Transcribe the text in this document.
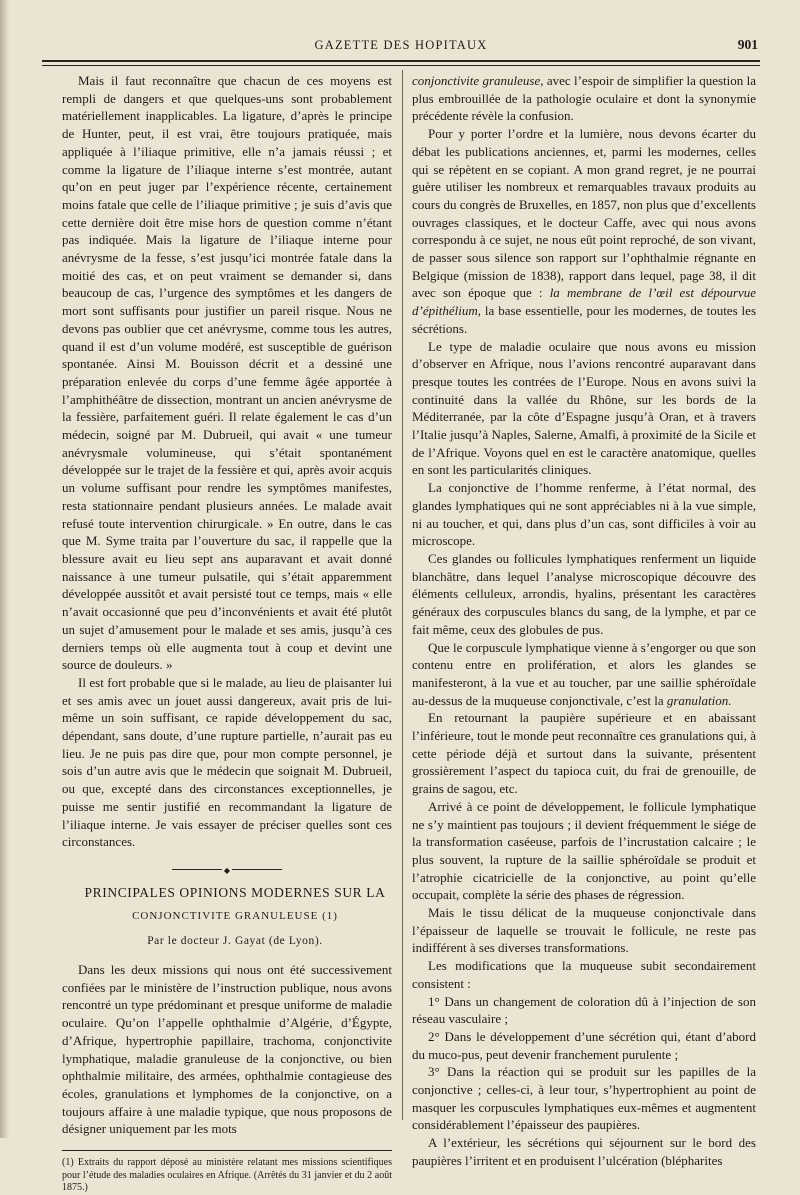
GAZETTE DES HOPITAUX	901

Mais il faut reconnaître que chacun de ces moyens est rempli de dangers et que quelques-uns sont probablement matériellement inapplicables. La ligature, d’après le principe de Hunter, peut, il est vrai, être toujours pratiquée, mais appliquée à l’iliaque primitive, elle n’a jamais réussi ; et comme la ligature de l’iliaque interne s’est montrée, autant qu’on en peut juger par l’expérience récente, certainement moins fatale que celle de l’iliaque primitive ; je suis d’avis que cette dernière doit être mise hors de question comme n’étant pas indiquée. Mais la ligature de l’iliaque interne pour anévrysme de la fesse, s’est jusqu’ici montrée fatale dans la moitié des cas, et on peut vraiment se demander si, dans beaucoup de cas, l’urgence des symptômes et les dangers de mort sont suffisants pour justifier un pareil risque. Nous ne devons pas oublier que cet anévrysme, comme tous les autres, quand il est d’un volume modéré, est susceptible de guérison spontanée. Ainsi M. Bouisson décrit et a dessiné une préparation enlevée du corps d’une femme âgée apportée à l’amphithéâtre de dissection, montrant un ancien anévrysme de la fessière, parfaitement guéri. Il relate également le cas d’un médecin, soigné par M. Dubrueil, qui avait « une tumeur anévrysmale volumineuse, qui s’était spontanément développée sur le trajet de la fessière et qui, après avoir acquis un volume suffisant pour rendre les symptômes manifestes, resta stationnaire pendant plusieurs années. Le malade avait refusé toute intervention chirurgicale. » En outre, dans le cas que M. Syme traita par l’ouverture du sac, il rappelle que la blessure avait eu lieu sept ans auparavant et avait donné naissance à une tumeur pulsatile, qui s’était apparemment développée aussitôt et avait persisté tout ce temps, mais « elle n’avait occasionné que peu d’inconvénients et avait été plutôt un sujet d’amusement pour le malade et ses amis, jusqu’à ces derniers temps où elle augmenta tout à coup et devint une source de douleurs. »

Il est fort probable que si le malade, au lieu de plaisanter lui et ses amis avec un jouet aussi dangereux, avait pris de lui-même un soin suffisant, ce rapide développement du sac, dépendant, sans doute, d’une rupture partielle, n’aurait pas eu lieu. Je ne puis pas dire que, pour mon compte personnel, je sois d’un autre avis que le médecin que soignait M. Dubrueil, ou que, excepté dans des circonstances exceptionnelles, je puisse me sentir justifié en recommandant la ligature de l’iliaque interne. Je vais essayer de préciser quelles sont ces circonstances.

◆

PRINCIPALES OPINIONS MODERNES SUR LA

CONJONCTIVITE GRANULEUSE (1)

Par le docteur J. Gayat (de Lyon).

Dans les deux missions qui nous ont été successivement confiées par le ministère de l’instruction publique, nous avons rencontré un type prédominant et presque uniforme de maladie oculaire. Qu’on l’appelle ophthalmie d’Algérie, d’Égypte, d’Afrique, hypertrophie papillaire, trachoma, conjonctivite lymphatique, maladie granuleuse de la conjonctive, ou bien ophthalmie militaire, des armées, ophthalmie contagieuse des écoles, granulations et lymphomes de la conjonctive, on a toujours affaire à une maladie typique, que nous proposons de désigner uniquement par les mots

(1) Extraits du rapport déposé au ministère relatant mes missions scientifiques pour l’étude des maladies oculaires en Afrique. (Arrêtés du 31 janvier et du 2 août 1875.)

conjonctivite granuleuse, avec l’espoir de simplifier la question la plus embrouillée de la pathologie oculaire et dont la synonymie précédente révèle la confusion.

Pour y porter l’ordre et la lumière, nous devons écarter du débat les publications anciennes, et, parmi les modernes, celles qui se répètent en se copiant. A mon grand regret, je ne pourrai guère utiliser les nombreux et remarquables travaux produits au cours du congrès de Bruxelles, en 1857, non plus que d’excellents ouvrages classiques, et le docteur Caffe, avec qui nous avons correspondu à ce sujet, ne nous eût point reproché, de son vivant, de passer sous silence son rapport sur l’ophthalmie régnante en Belgique (mission de 1838), rapport dans lequel, page 38, il dit avec son époque que : la membrane de l’œil est dépourvue d’épithélium, la base essentielle, pour les modernes, de toutes les sécrétions.

Le type de maladie oculaire que nous avons eu mission d’observer en Afrique, nous l’avions rencontré auparavant dans presque toutes les contrées de l’Europe. Nous en avons suivi la continuité dans la vallée du Rhône, sur les bords de la Méditerranée, par la côte d’Espagne jusqu’à Oran, et à travers l’Italie jusqu’à Naples, Salerne, Amalfi, à proximité de la Sicile et de l’Afrique. Voyons quel en est le caractère anatomique, quelles en sont les particularités cliniques.

La conjonctive de l’homme renferme, à l’état normal, des glandes lymphatiques qui ne sont appréciables ni à la vue simple, ni au toucher, et qui, dans plus d’un cas, sont difficiles à voir au microscope.

Ces glandes ou follicules lymphatiques renferment un liquide blanchâtre, dans lequel l’analyse microscopique découvre des éléments celluleux, arrondis, hyalins, présentant les caractères généraux des corpuscules blancs du sang, de la lymphe, et par ce fait même, ceux des globules de pus.

Que le corpuscule lymphatique vienne à s’engorger ou que son contenu entre en prolifération, et alors les glandes se manifesteront, à la vue et au toucher, par une saillie sphéroïdale au-dessus de la muqueuse conjonctivale, c’est la granulation.

En retournant la paupière supérieure et en abaissant l’inférieure, tout le monde peut reconnaître ces granulations qui, à cette période déjà et surtout dans la suivante, présentent grossièrement l’aspect du tapioca cuit, du frai de grenouille, de grains de sagou, etc.

Arrivé à ce point de développement, le follicule lymphatique ne s’y maintient pas toujours ; il devient fréquemment le siége de la transformation caséeuse, parfois de l’incrustation calcaire ; le plus souvent, la rupture de la saillie sphéroïdale se produit et l’atrophie cicatricielle de la conjonctive, au point qu’elle occupait, complète la série des phases de régression.

Mais le tissu délicat de la muqueuse conjonctivale dans l’épaisseur de laquelle se trouvait le follicule, ne reste pas indifférent à ses diverses transformations.

Les modifications que la muqueuse subit secondairement consistent :

1° Dans un changement de coloration dû à l’injection de son réseau vasculaire ;

2° Dans le développement d’une sécrétion qui, étant d’abord du muco-pus, peut devenir franchement purulente ;

3° Dans la réaction qui se produit sur les papilles de la conjonctive ; celles-ci, à leur tour, s’hypertrophient au point de masquer les corpuscules lymphatiques eux-mêmes et augmentent considérablement l’épaisseur des paupières.

A l’extérieur, les sécrétions qui séjournent sur le bord des paupières l’irritent et en produisent l’ulcération (blépharites
